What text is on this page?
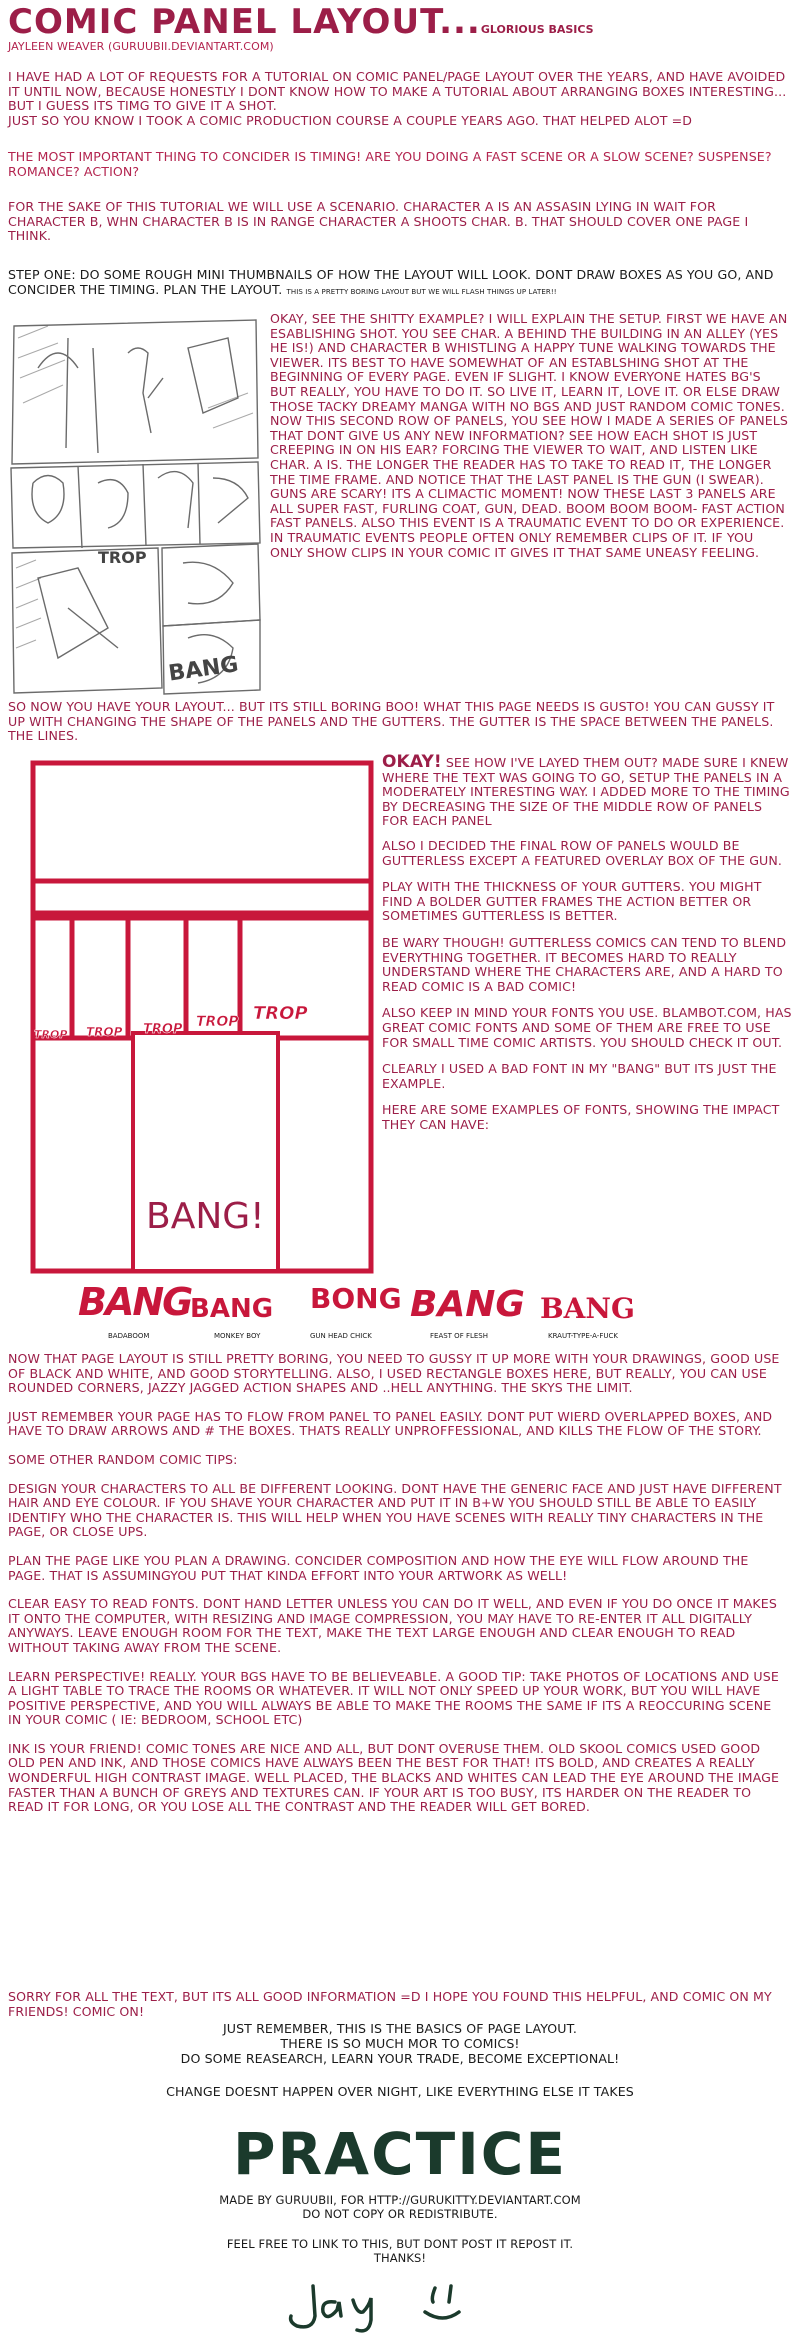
COMIC PANEL LAYOUT...GLORIOUS BASICS
JAYLEEN WEAVER (GURUUBII.DEVIANTART.COM)
I HAVE HAD A LOT OF REQUESTS FOR A TUTORIAL ON COMIC PANEL/PAGE LAYOUT OVER THE YEARS, AND HAVE AVOIDED IT UNTIL NOW, BECAUSE HONESTLY I DONT KNOW HOW TO MAKE A TUTORIAL ABOUT ARRANGING BOXES INTERESTING... BUT I GUESS ITS TIMG TO GIVE IT A SHOT.
JUST SO YOU KNOW I TOOK A COMIC PRODUCTION COURSE A COUPLE YEARS AGO. THAT HELPED ALOT =D
THE MOST IMPORTANT THING TO CONCIDER IS TIMING! ARE YOU DOING A FAST SCENE OR A SLOW SCENE? SUSPENSE? ROMANCE? ACTION?
FOR THE SAKE OF THIS TUTORIAL WE WILL USE A SCENARIO. CHARACTER A IS AN ASSASIN LYING IN WAIT FOR CHARACTER B, WHN CHARACTER B IS IN RANGE CHARACTER A SHOOTS CHAR. B. THAT SHOULD COVER ONE PAGE I THINK.
STEP ONE: DO SOME ROUGH MINI THUMBNAILS OF HOW THE LAYOUT WILL LOOK. DONT DRAW BOXES AS YOU GO, AND CONCIDER THE TIMING. PLAN THE LAYOUT. THIS IS A PRETTY BORING LAYOUT BUT WE WILL FLASH THINGS UP LATER!!
TROP
BANG
OKAY, SEE THE SHITTY EXAMPLE? I WILL EXPLAIN THE SETUP. FIRST WE HAVE AN ESABLISHING SHOT. YOU SEE CHAR. A BEHIND THE BUILDING IN AN ALLEY (YES HE IS!) AND CHARACTER B WHISTLING A HAPPY TUNE WALKING TOWARDS THE VIEWER. ITS BEST TO HAVE SOMEWHAT OF AN ESTABLSHING SHOT AT THE BEGINNING OF EVERY PAGE. EVEN IF SLIGHT. I KNOW EVERYONE HATES BG'S BUT REALLY, YOU HAVE TO DO IT. SO LIVE IT, LEARN IT, LOVE IT. OR ELSE DRAW THOSE TACKY DREAMY MANGA WITH NO BGS AND JUST RANDOM COMIC TONES. NOW THIS SECOND ROW OF PANELS, YOU SEE HOW I MADE A SERIES OF PANELS THAT DONT GIVE US ANY NEW INFORMATION? SEE HOW EACH SHOT IS JUST CREEPING IN ON HIS EAR? FORCING THE VIEWER TO WAIT, AND LISTEN LIKE CHAR. A IS. THE LONGER THE READER HAS TO TAKE TO READ IT, THE LONGER THE TIME FRAME. AND NOTICE THAT THE LAST PANEL IS THE GUN (I SWEAR). GUNS ARE SCARY! ITS A CLIMACTIC MOMENT! NOW THESE LAST 3 PANELS ARE ALL SUPER FAST, FURLING COAT, GUN, DEAD. BOOM BOOM BOOM- FAST ACTION FAST PANELS. ALSO THIS EVENT IS A TRAUMATIC EVENT TO DO OR EXPERIENCE. IN TRAUMATIC EVENTS PEOPLE OFTEN ONLY REMEMBER CLIPS OF IT. IF YOU ONLY SHOW CLIPS IN YOUR COMIC IT GIVES IT THAT SAME UNEASY FEELING.
SO NOW YOU HAVE YOUR LAYOUT... BUT ITS STILL BORING BOO! WHAT THIS PAGE NEEDS IS GUSTO! YOU CAN GUSSY IT UP WITH CHANGING THE SHAPE OF THE PANELS AND THE GUTTERS. THE GUTTER IS THE SPACE BETWEEN THE PANELS. THE LINES.
TROP TROP TROP TROP TROP
BANG!
OKAY! SEE HOW I'VE LAYED THEM OUT? MADE SURE I KNEW WHERE THE TEXT WAS GOING TO GO, SETUP THE PANELS IN A MODERATELY INTERESTING WAY. I ADDED MORE TO THE TIMING BY DECREASING THE SIZE OF THE MIDDLE ROW OF PANELS FOR EACH PANEL
ALSO I DECIDED THE FINAL ROW OF PANELS WOULD BE GUTTERLESS EXCEPT A FEATURED OVERLAY BOX OF THE GUN.
PLAY WITH THE THICKNESS OF YOUR GUTTERS. YOU MIGHT FIND A BOLDER GUTTER FRAMES THE ACTION BETTER OR SOMETIMES GUTTERLESS IS BETTER.
BE WARY THOUGH! GUTTERLESS COMICS CAN TEND TO BLEND EVERYTHING TOGETHER. IT BECOMES HARD TO REALLY UNDERSTAND WHERE THE CHARACTERS ARE, AND A HARD TO READ COMIC IS A BAD COMIC!
ALSO KEEP IN MIND YOUR FONTS YOU USE. BLAMBOT.COM, HAS GREAT COMIC FONTS AND SOME OF THEM ARE FREE TO USE FOR SMALL TIME COMIC ARTISTS. YOU SHOULD CHECK IT OUT.
CLEARLY I USED A BAD FONT IN MY "BANG" BUT ITS JUST THE EXAMPLE.
HERE ARE SOME EXAMPLES OF FONTS, SHOWING THE IMPACT THEY CAN HAVE:
BANG
BANG BONG BANG BANG
BADABOOM	MONKEY BOY	GUN HEAD CHICK	FEAST OF FLESH	KRAUT-TYPE-A-FUCK
NOW THAT PAGE LAYOUT IS STILL PRETTY BORING, YOU NEED TO GUSSY IT UP MORE WITH YOUR DRAWINGS, GOOD USE OF BLACK AND WHITE, AND GOOD STORYTELLING. ALSO, I USED RECTANGLE BOXES HERE, BUT REALLY, YOU CAN USE ROUNDED CORNERS, JAZZY JAGGED ACTION SHAPES AND ..HELL ANYTHING. THE SKYS THE LIMIT.
JUST REMEMBER YOUR PAGE HAS TO FLOW FROM PANEL TO PANEL EASILY. DONT PUT WIERD OVERLAPPED BOXES, AND HAVE TO DRAW ARROWS AND # THE BOXES. THATS REALLY UNPROFFESSIONAL, AND KILLS THE FLOW OF THE STORY.
SOME OTHER RANDOM COMIC TIPS:
DESIGN YOUR CHARACTERS TO ALL BE DIFFERENT LOOKING. DONT HAVE THE GENERIC FACE AND JUST HAVE DIFFERENT HAIR AND EYE COLOUR. IF YOU SHAVE YOUR CHARACTER AND PUT IT IN B+W YOU SHOULD STILL BE ABLE TO EASILY IDENTIFY WHO THE CHARACTER IS. THIS WILL HELP WHEN YOU HAVE SCENES WITH REALLY TINY CHARACTERS IN THE PAGE, OR CLOSE UPS.
PLAN THE PAGE LIKE YOU PLAN A DRAWING. CONCIDER COMPOSITION AND HOW THE EYE WILL FLOW AROUND THE PAGE. THAT IS ASSUMINGYOU PUT THAT KINDA EFFORT INTO YOUR ARTWORK AS WELL!
CLEAR EASY TO READ FONTS. DONT HAND LETTER UNLESS YOU CAN DO IT WELL, AND EVEN IF YOU DO ONCE IT MAKES IT ONTO THE COMPUTER, WITH RESIZING AND IMAGE COMPRESSION, YOU MAY HAVE TO RE-ENTER IT ALL DIGITALLY ANYWAYS. LEAVE ENOUGH ROOM FOR THE TEXT, MAKE THE TEXT LARGE ENOUGH AND CLEAR ENOUGH TO READ WITHOUT TAKING AWAY FROM THE SCENE.
LEARN PERSPECTIVE! REALLY. YOUR BGS HAVE TO BE BELIEVEABLE. A GOOD TIP: TAKE PHOTOS OF LOCATIONS AND USE A LIGHT TABLE TO TRACE THE ROOMS OR WHATEVER. IT WILL NOT ONLY SPEED UP YOUR WORK, BUT YOU WILL HAVE POSITIVE PERSPECTIVE, AND YOU WILL ALWAYS BE ABLE TO MAKE THE ROOMS THE SAME IF ITS A REOCCURING SCENE IN YOUR COMIC ( IE: BEDROOM, SCHOOL ETC)
INK IS YOUR FRIEND! COMIC TONES ARE NICE AND ALL, BUT DONT OVERUSE THEM. OLD SKOOL COMICS USED GOOD OLD PEN AND INK, AND THOSE COMICS HAVE ALWAYS BEEN THE BEST FOR THAT! ITS BOLD, AND CREATES A REALLY WONDERFUL HIGH CONTRAST IMAGE. WELL PLACED, THE BLACKS AND WHITES CAN LEAD THE EYE AROUND THE IMAGE FASTER THAN A BUNCH OF GREYS AND TEXTURES CAN. IF YOUR ART IS TOO BUSY, ITS HARDER ON THE READER TO READ IT FOR LONG, OR YOU LOSE ALL THE CONTRAST AND THE READER WILL GET BORED.
SORRY FOR ALL THE TEXT, BUT ITS ALL GOOD INFORMATION =D I HOPE YOU FOUND THIS HELPFUL, AND COMIC ON MY FRIENDS! COMIC ON!
JUST REMEMBER, THIS IS THE BASICS OF PAGE LAYOUT.
THERE IS SO MUCH MOR TO COMICS!
DO SOME REASEARCH, LEARN YOUR TRADE, BECOME EXCEPTIONAL!
CHANGE DOESNT HAPPEN OVER NIGHT, LIKE EVERYTHING ELSE IT TAKES
PRACTICE
MADE BY GURUUBII, FOR HTTP://GURUKITTY.DEVIANTART.COM
DO NOT COPY OR REDISTRIBUTE.
FEEL FREE TO LINK TO THIS, BUT DONT POST IT REPOST IT.
THANKS!
